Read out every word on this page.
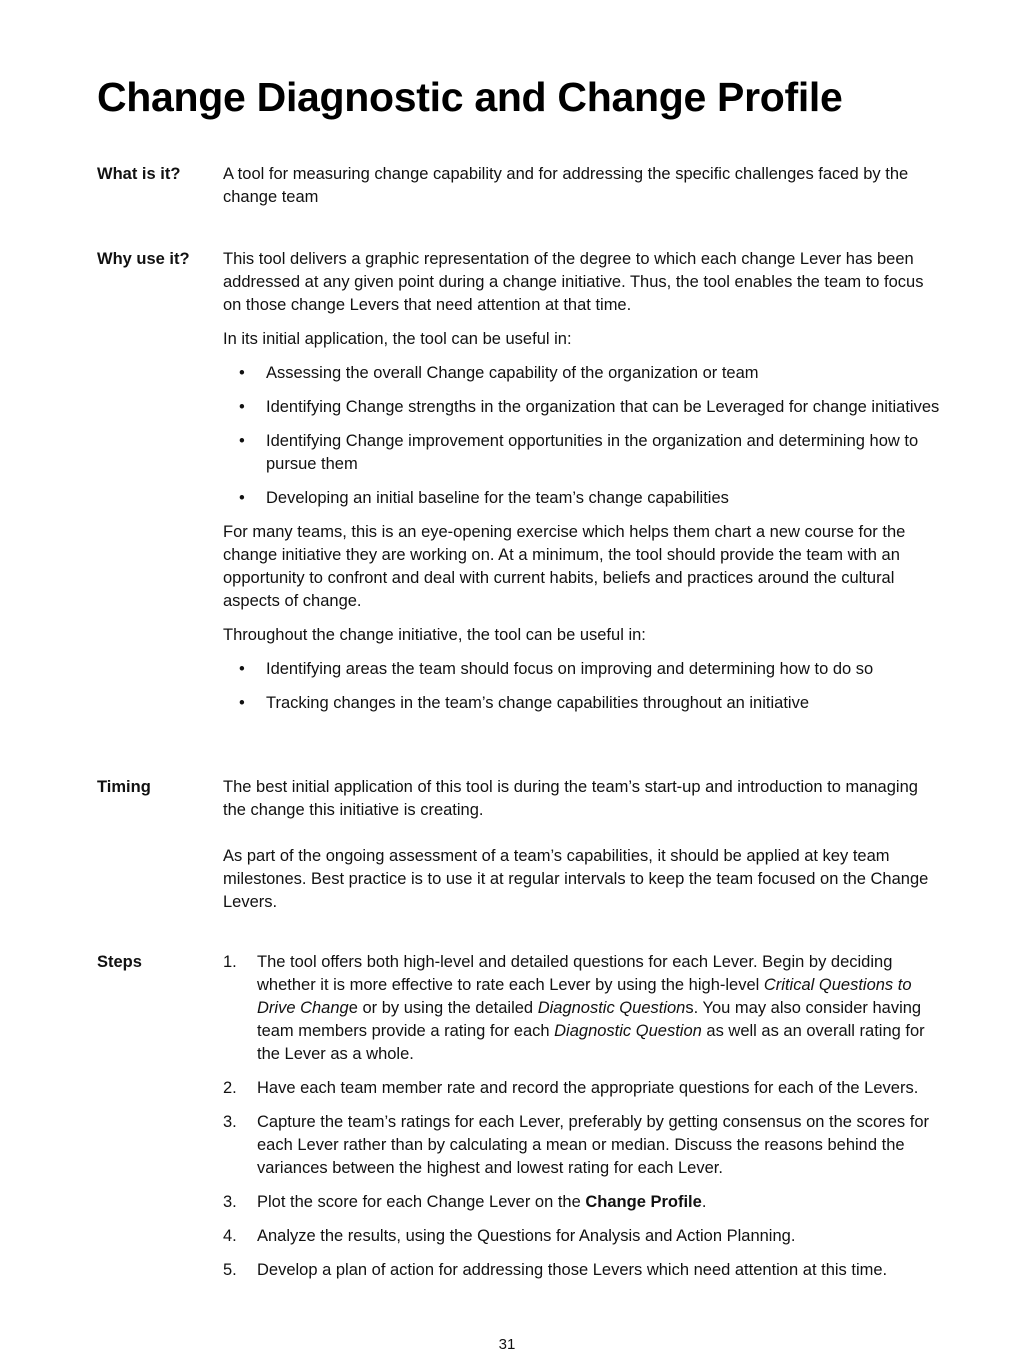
Change Diagnostic and Change Profile
What is it?	A tool for measuring change capability and for addressing the specific challenges faced by the change team

Why use it? This tool delivers a graphic representation of the degree to which each change Lever has been addressed at any given point during a change initiative. Thus, the tool enables the team to focus on those change Levers that need attention at that time.

In its initial application, the tool can be useful in:

• Assessing the overall Change capability of the organization or team
• Identifying Change strengths in the organization that can be Leveraged for change initiatives
• Identifying Change improvement opportunities in the organization and determining how to pursue them
• Developing an initial baseline for the team’s change capabilities

For many teams, this is an eye-opening exercise which helps them chart a new course for the change initiative they are working on. At a minimum, the tool should provide the team with an opportunity to confront and deal with current habits, beliefs and practices around the cultural aspects of change.

Throughout the change initiative, the tool can be useful in:

• Identifying areas the team should focus on improving and determining how to do so
• Tracking changes in the team’s change capabilities throughout an initiative
Timing	The best initial application of this tool is during the team’s start-up and introduction to managing the change this initiative is creating.

As part of the ongoing assessment of a team’s capabilities, it should be applied at key team milestones. Best practice is to use it at regular intervals to keep the team focused on the Change Levers.

Steps	1. The tool offers both high-level and detailed questions for each Lever. Begin by deciding whether it is more effective to rate each Lever by using the high-level Critical Questions to Drive Change or by using the detailed Diagnostic Questions. You may also consider having team members provide a rating for each Diagnostic Question as well as an overall rating for the Lever as a whole.
2. Have each team member rate and record the appropriate questions for each of the Levers.
3. Capture the team’s ratings for each Lever, preferably by getting consensus on the scores for each Lever rather than by calculating a mean or median. Discuss the reasons behind the variances between the highest and lowest rating for each Lever.
3. Plot the score for each Change Lever on the Change Profile.
4. Analyze the results, using the Questions for Analysis and Action Planning.
5. Develop a plan of action for addressing those Levers which need attention at this time.
31
